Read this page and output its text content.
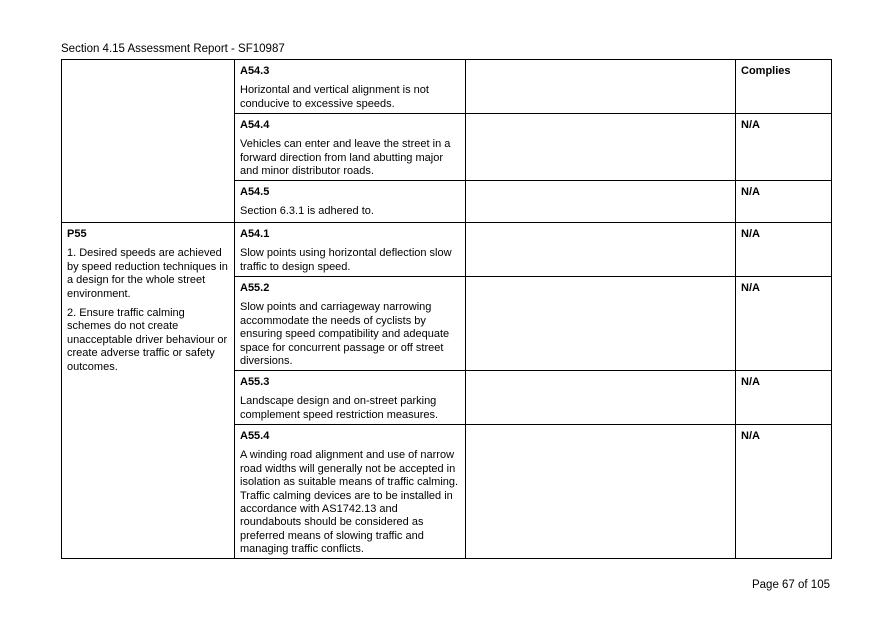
Section 4.15 Assessment Report - SF10987

	A54.3
Horizontal and vertical alignment is not conducive to excessive speeds.		Complies

	A54.4
Vehicles can enter and leave the street in a forward direction from land abutting major and minor distributor roads.		N/A

	A54.5
Section 6.3.1 is adhered to.		N/A

P55
1. Desired speeds are achieved by speed reduction techniques in a design for the whole street environment.
2. Ensure traffic calming schemes do not create unacceptable driver behaviour or create adverse traffic or safety outcomes.	A54.1
Slow points using horizontal deflection slow traffic to design speed.		N/A

	A55.2
Slow points and carriageway narrowing accommodate the needs of cyclists by ensuring speed compatibility and adequate space for concurrent passage or off street diversions.		N/A

	A55.3
Landscape design and on-street parking complement speed restriction measures.		N/A

	A55.4
A winding road alignment and use of narrow road widths will generally not be accepted in isolation as suitable means of traffic calming. Traffic calming devices are to be installed in accordance with AS1742.13 and roundabouts should be considered as preferred means of slowing traffic and managing traffic conflicts.		N/A
Page 67 of 105
